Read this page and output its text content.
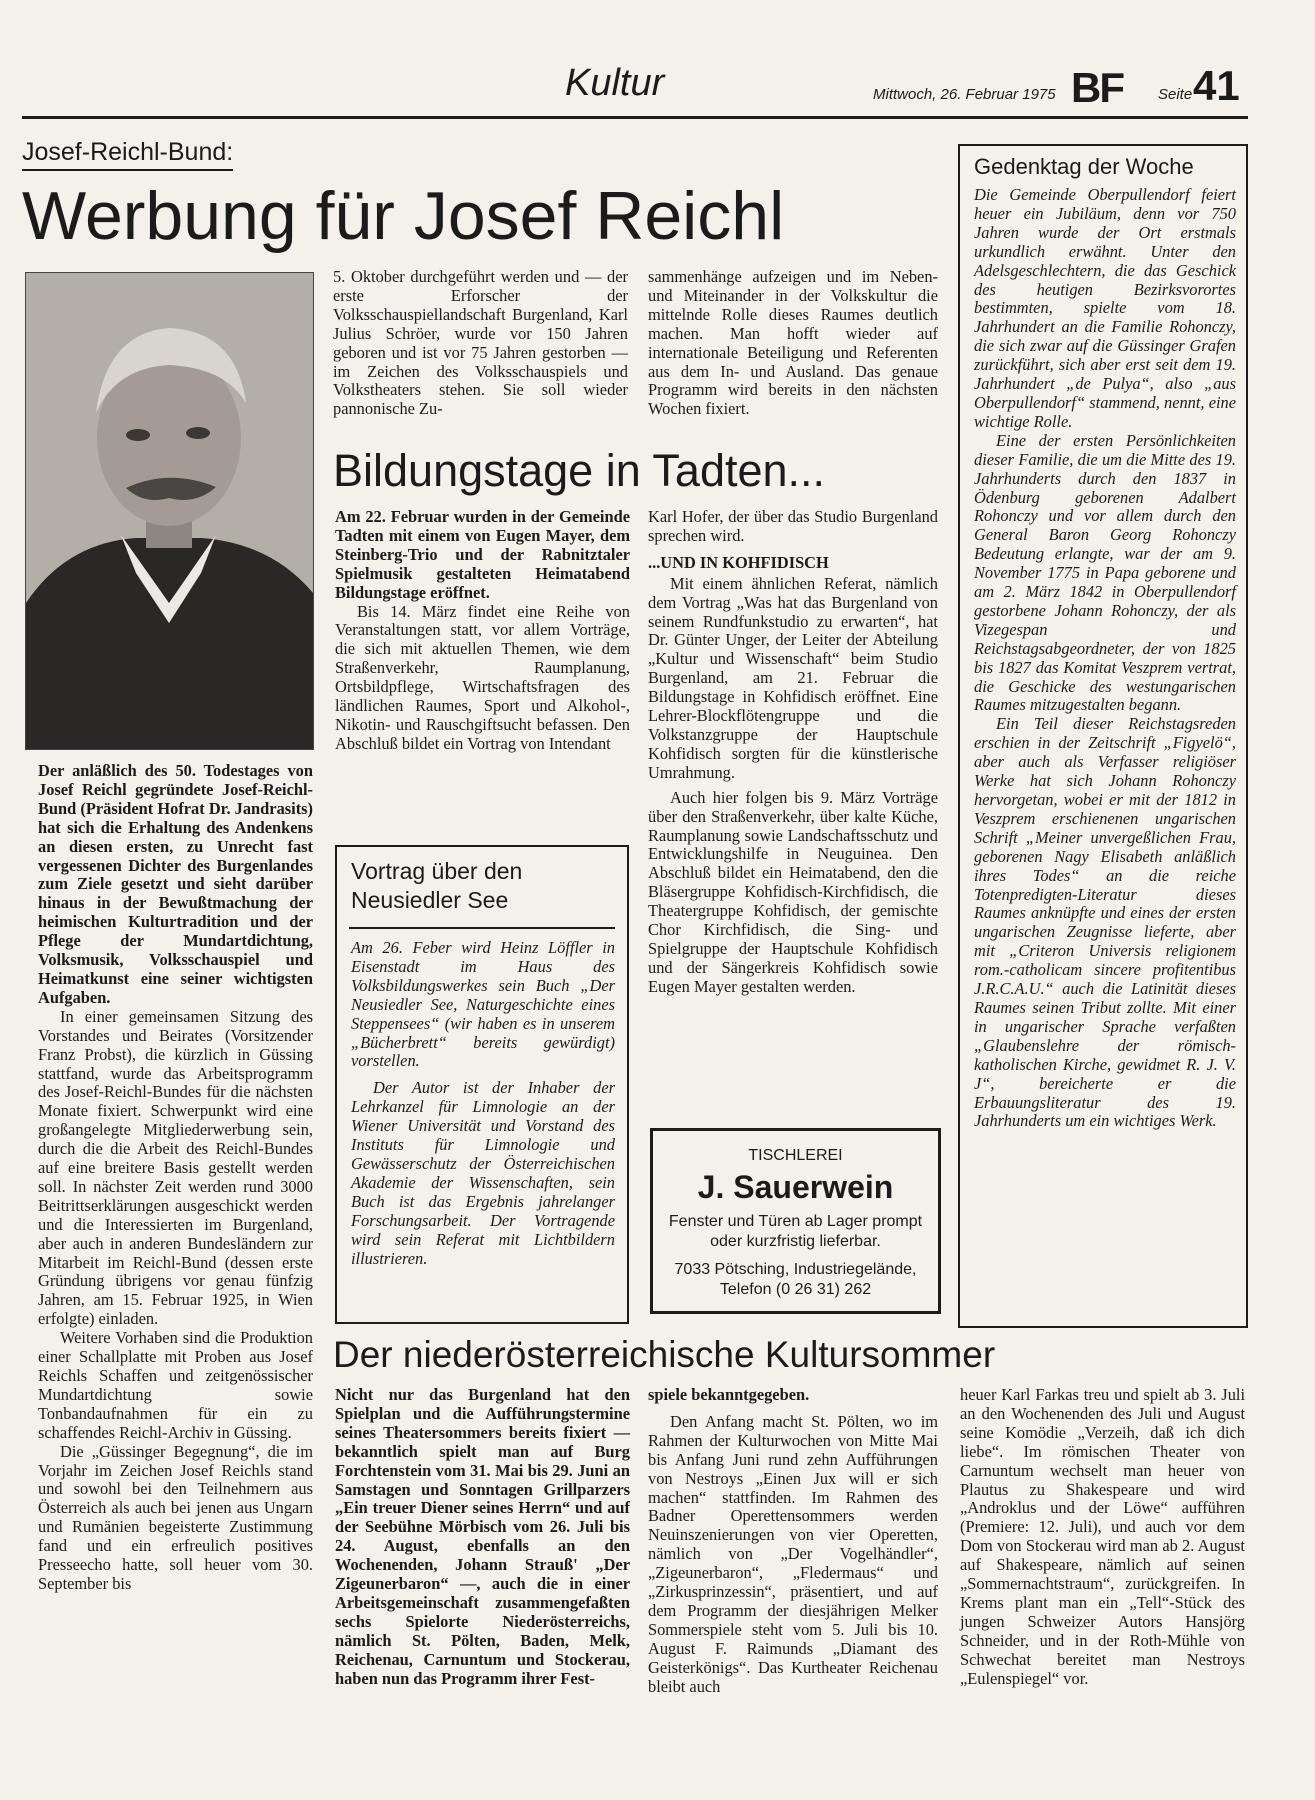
Kultur	Mittwoch, 26. Februar 1975 BF Seite 41
Josef-Reichl-Bund:
Werbung für Josef Reichl

Der anläßlich des 50. Todestages von Josef Reichl gegründete Josef-Reichl-Bund (Präsident Hofrat Dr. Jandrasits) hat sich die Erhaltung des Andenkens an diesen ersten, zu Unrecht fast vergessenen Dichter des Burgenlandes zum Ziele gesetzt und sieht darüber hinaus in der Bewußtmachung der heimischen Kulturtradition und der Pflege der Mundartdichtung, Volksmusik, Volksschauspiel und Heimatkunst eine seiner wichtigsten Aufgaben.

In einer gemeinsamen Sitzung des Vorstandes und Beirates (Vorsitzender Franz Probst), die kürzlich in Güssing stattfand, wurde das Arbeitsprogramm des Josef-Reichl-Bundes für die nächsten Monate fixiert. Schwerpunkt wird eine großangelegte Mitgliederwerbung sein, durch die die Arbeit des Reichl-Bundes auf eine breitere Basis gestellt werden soll. In nächster Zeit werden rund 3000 Beitrittserklärungen ausgeschickt werden und die Interessierten im Burgenland, aber auch in anderen Bundesländern zur Mitarbeit im Reichl-Bund (dessen erste Gründung übrigens vor genau fünfzig Jahren, am 15. Februar 1925, in Wien erfolgte) einladen.

Weitere Vorhaben sind die Produktion einer Schallplatte mit Proben aus Josef Reichls Schaffen und zeitgenössischer Mundartdichtung sowie Tonbandaufnahmen für ein zu schaffendes Reichl-Archiv in Güssing.

Die „Güssinger Begegnung“, die im Vorjahr im Zeichen Josef Reichls stand und sowohl bei den Teilnehmern aus Österreich als auch bei jenen aus Ungarn und Rumänien begeisterte Zustimmung fand und ein erfreulich positives Presseecho hatte, soll heuer vom 30. September bis

5. Oktober durchgeführt werden und — der erste Erforscher der Volksschauspiellandschaft Burgenland, Karl Julius Schröer, wurde vor 150 Jahren geboren und ist vor 75 Jahren gestorben — im Zeichen des Volksschauspiels und Volkstheaters stehen. Sie soll wieder pannonische Zu-

sammenhänge aufzeigen und im Neben- und Miteinander in der Volkskultur die mittelnde Rolle dieses Raumes deutlich machen. Man hofft wieder auf internationale Beteiligung und Referenten aus dem In- und Ausland. Das genaue Programm wird bereits in den nächsten Wochen fixiert.

Bildungstage in Tadten...

Am 22. Februar wurden in der Gemeinde Tadten mit einem von Eugen Mayer, dem Steinberg-Trio und der Rabnitztaler Spielmusik gestalteten Heimatabend Bildungstage eröffnet.

Bis 14. März findet eine Reihe von Veranstaltungen statt, vor allem Vorträge, die sich mit aktuellen Themen, wie dem Straßenverkehr, Raumplanung, Ortsbildpflege, Wirtschaftsfragen des ländlichen Raumes, Sport und Alkohol-, Nikotin- und Rauschgiftsucht befassen. Den Abschluß bildet ein Vortrag von Intendant

Karl Hofer, der über das Studio Burgenland sprechen wird.

...UND IN KOHFIDISCH

Mit einem ähnlichen Referat, nämlich dem Vortrag „Was hat das Burgenland von seinem Rundfunkstudio zu erwarten“, hat Dr. Günter Unger, der Leiter der Abteilung „Kultur und Wissenschaft“ beim Studio Burgenland, am 21. Februar die Bildungstage in Kohfidisch eröffnet. Eine Lehrer-Blockflötengruppe und die Volkstanzgruppe der Hauptschule Kohfidisch sorgten für die künstlerische Umrahmung.

Auch hier folgen bis 9. März Vorträge über den Straßenverkehr, über kalte Küche, Raumplanung sowie Landschaftsschutz und Entwicklungshilfe in Neuguinea. Den Abschluß bildet ein Heimatabend, den die Bläsergruppe Kohfidisch-Kirchfidisch, die Theatergruppe Kohfidisch, der gemischte Chor Kirchfidisch, die Sing- und Spielgruppe der Hauptschule Kohfidisch und der Sängerkreis Kohfidisch sowie Eugen Mayer gestalten werden.

Vortrag über den Neusiedler See

Am 26. Feber wird Heinz Löffler in Eisenstadt im Haus des Volksbildungswerkes sein Buch „Der Neusiedler See, Naturgeschichte eines Steppensees“ (wir haben es in unserem „Bücherbrett“ bereits gewürdigt) vorstellen.

Der Autor ist der Inhaber der Lehrkanzel für Limnologie an der Wiener Universität und Vorstand des Instituts für Limnologie und Gewässerschutz der Österreichischen Akademie der Wissenschaften, sein Buch ist das Ergebnis jahrelanger Forschungsarbeit. Der Vortragende wird sein Referat mit Lichtbildern illustrieren.

TISCHLEREI
J. Sauerwein
Fenster und Türen ab Lager prompt oder kurzfristig lieferbar.
7033 Pötsching, Industriegelände, Telefon (0 26 31) 262
Gedenktag der Woche

Die Gemeinde Oberpullendorf feiert heuer ein Jubiläum, denn vor 750 Jahren wurde der Ort erstmals urkundlich erwähnt. Unter den Adelsgeschlechtern, die das Geschick des heutigen Bezirksvorortes bestimmten, spielte vom 18. Jahrhundert an die Familie Rohonczy, die sich zwar auf die Güssinger Grafen zurückführt, sich aber erst seit dem 19. Jahrhundert „de Pulya“, also „aus Oberpullendorf“ stammend, nennt, eine wichtige Rolle.

Eine der ersten Persönlichkeiten dieser Familie, die um die Mitte des 19. Jahrhunderts durch den 1837 in Ödenburg geborenen Adalbert Rohonczy und vor allem durch den General Baron Georg Rohonczy Bedeutung erlangte, war der am 9. November 1775 in Papa geborene und am 2. März 1842 in Oberpullendorf gestorbene Johann Rohonczy, der als Vizegespan und Reichstagsabgeordneter, der von 1825 bis 1827 das Komitat Veszprem vertrat, die Geschicke des westungarischen Raumes mitzugestalten begann.

Ein Teil dieser Reichstagsreden erschien in der Zeitschrift „Figyelö“, aber auch als Verfasser religiöser Werke hat sich Johann Rohonczy hervorgetan, wobei er mit der 1812 in Veszprem erschienenen ungarischen Schrift „Meiner unvergeßlichen Frau, geborenen Nagy Elisabeth anläßlich ihres Todes“ an die reiche Totenpredigten-Literatur dieses Raumes anknüpfte und eines der ersten ungarischen Zeugnisse lieferte, aber mit „Criteron Universis religionem rom.-catholicam sincere profitentibus J.R.C.A.U.“ auch die Latinität dieses Raumes seinen Tribut zollte. Mit einer in ungarischer Sprache verfaßten „Glaubenslehre der römisch-katholischen Kirche, gewidmet R. J. V. J“, bereicherte er die Erbauungsliteratur des 19. Jahrhunderts um ein wichtiges Werk.

Der niederösterreichische Kultursommer

Nicht nur das Burgenland hat den Spielplan und die Aufführungstermine seines Theatersommers bereits fixiert — bekanntlich spielt man auf Burg Forchtenstein vom 31. Mai bis 29. Juni an Samstagen und Sonntagen Grillparzers „Ein treuer Diener seines Herrn“ und auf der Seebühne Mörbisch vom 26. Juli bis 24. August, ebenfalls an den Wochenenden, Johann Strauß' „Der Zigeunerbaron“ —, auch die in einer Arbeitsgemeinschaft zusammengefaßten sechs Spielorte Niederösterreichs, nämlich St. Pölten, Baden, Melk, Reichenau, Carnuntum und Stockerau, haben nun das Programm ihrer Fest-

spiele bekanntgegeben.

Den Anfang macht St. Pölten, wo im Rahmen der Kulturwochen von Mitte Mai bis Anfang Juni rund zehn Aufführungen von Nestroys „Einen Jux will er sich machen“ stattfinden. Im Rahmen des Badner Operettensommers werden Neuinszenierungen von vier Operetten, nämlich von „Der Vogelhändler“, „Zigeunerbaron“, „Fledermaus“ und „Zirkusprinzessin“, präsentiert, und auf dem Programm der diesjährigen Melker Sommerspiele steht vom 5. Juli bis 10. August F. Raimunds „Diamant des Geisterkönigs“. Das Kurtheater Reichenau bleibt auch

heuer Karl Farkas treu und spielt ab 3. Juli an den Wochenenden des Juli und August seine Komödie „Verzeih, daß ich dich liebe“. Im römischen Theater von Carnuntum wechselt man heuer von Plautus zu Shakespeare und wird „Androklus und der Löwe“ aufführen (Premiere: 12. Juli), und auch vor dem Dom von Stockerau wird man ab 2. August auf Shakespeare, nämlich auf seinen „Sommernachtstraum“, zurückgreifen. In Krems plant man ein „Tell“-Stück des jungen Schweizer Autors Hansjörg Schneider, und in der Roth-Mühle von Schwechat bereitet man Nestroys „Eulenspiegel“ vor.
